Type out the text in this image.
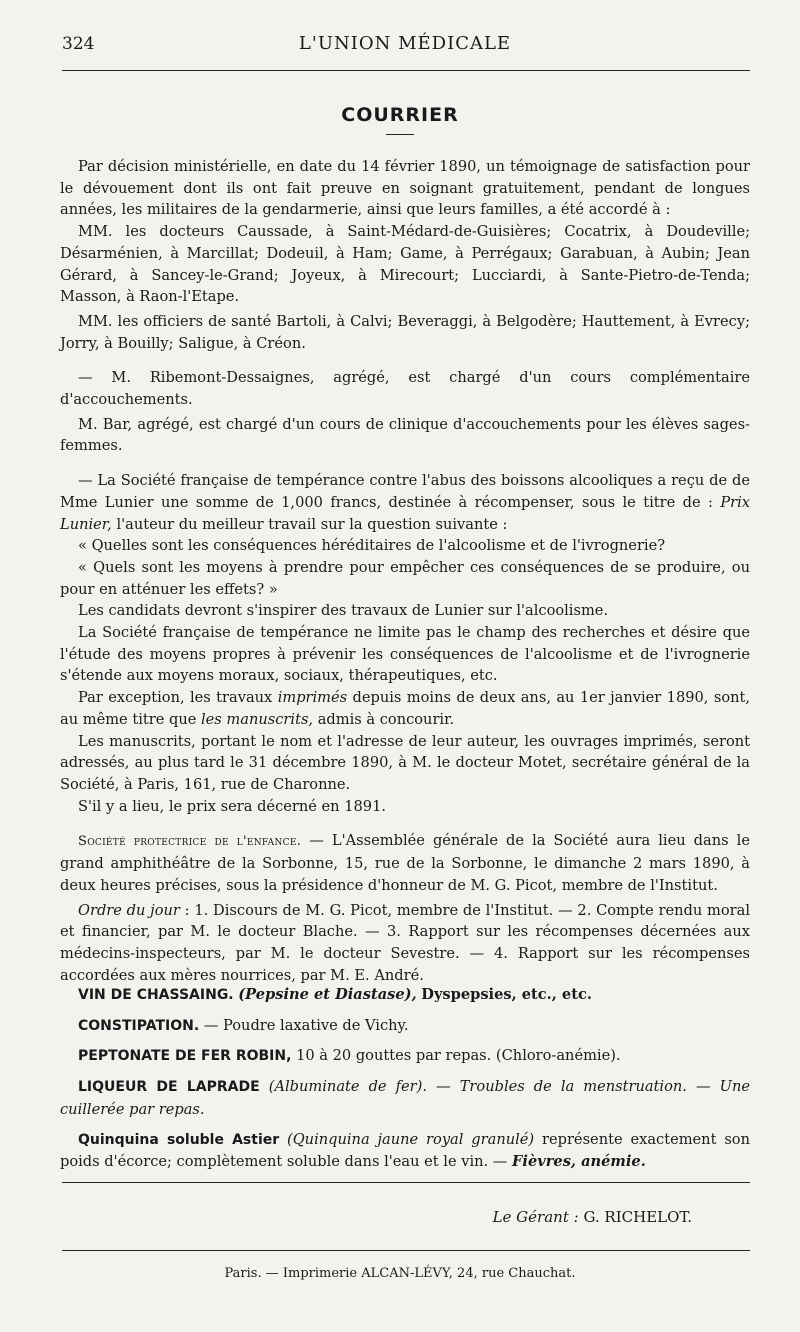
324	L'UNION MÉDICALE
COURRIER

Par décision ministérielle, en date du 14 février 1890, un témoignage de satisfaction pour le dévouement dont ils ont fait preuve en soignant gratuitement, pendant de longues années, les militaires de la gendarmerie, ainsi que leurs familles, a été accordé à :

MM. les docteurs Caussade, à Saint-Médard-de-Guisières; Cocatrix, à Doudeville; Désarménien, à Marcillat; Dodeuil, à Ham; Game, à Perrégaux; Garabuan, à Aubin; Jean Gérard, à Sancey-le-Grand; Joyeux, à Mirecourt; Lucciardi, à Sante-Pietro-de-Tenda; Masson, à Raon-l'Etape.

MM. les officiers de santé Bartoli, à Calvi; Beveraggi, à Belgodère; Hauttement, à Evrecy; Jorry, à Bouilly; Saligue, à Créon.

— M. Ribemont-Dessaignes, agrégé, est chargé d'un cours complémentaire d'accouchements.

M. Bar, agrégé, est chargé d'un cours de clinique d'accouchements pour les élèves sages-femmes.

— La Société française de tempérance contre l'abus des boissons alcooliques a reçu de de Mme Lunier une somme de 1,000 francs, destinée à récompenser, sous le titre de : Prix Lunier, l'auteur du meilleur travail sur la question suivante :

« Quelles sont les conséquences héréditaires de l'alcoolisme et de l'ivrognerie?

« Quels sont les moyens à prendre pour empêcher ces conséquences de se produire, ou pour en atténuer les effets? »

Les candidats devront s'inspirer des travaux de Lunier sur l'alcoolisme.

La Société française de tempérance ne limite pas le champ des recherches et désire que l'étude des moyens propres à prévenir les conséquences de l'alcoolisme et de l'ivrognerie s'étende aux moyens moraux, sociaux, thérapeutiques, etc.

Par exception, les travaux imprimés depuis moins de deux ans, au 1er janvier 1890, sont, au même titre que les manuscrits, admis à concourir.

Les manuscrits, portant le nom et l'adresse de leur auteur, les ouvrages imprimés, seront adressés, au plus tard le 31 décembre 1890, à M. le docteur Motet, secrétaire général de la Société, à Paris, 161, rue de Charonne.

S'il y a lieu, le prix sera décerné en 1891.

Société protectrice de l'enfance. — L'Assemblée générale de la Société aura lieu dans le grand amphithéâtre de la Sorbonne, 15, rue de la Sorbonne, le dimanche 2 mars 1890, à deux heures précises, sous la présidence d'honneur de M. G. Picot, membre de l'Institut.

Ordre du jour : 1. Discours de M. G. Picot, membre de l'Institut. — 2. Compte rendu moral et financier, par M. le docteur Blache. — 3. Rapport sur les récompenses décernées aux médecins-inspecteurs, par M. le docteur Sevestre. — 4. Rapport sur les récompenses accordées aux mères nourrices, par M. E. André.

VIN DE CHASSAING. (Pepsine et Diastase), Dyspepsies, etc., etc.

CONSTIPATION. — Poudre laxative de Vichy.

PEPTONATE DE FER ROBIN, 10 à 20 gouttes par repas. (Chloro-anémie).

LIQUEUR DE LAPRADE (Albuminate de fer). — Troubles de la menstruation. — Une cuillerée par repas.

Quinquina soluble Astier (Quinquina jaune royal granulé) représente exactement son poids d'écorce; complètement soluble dans l'eau et le vin. — Fièvres, anémie.

Le Gérant : G. RICHELOT.
Paris. — Imprimerie ALCAN-LÉVY, 24, rue Chauchat.
